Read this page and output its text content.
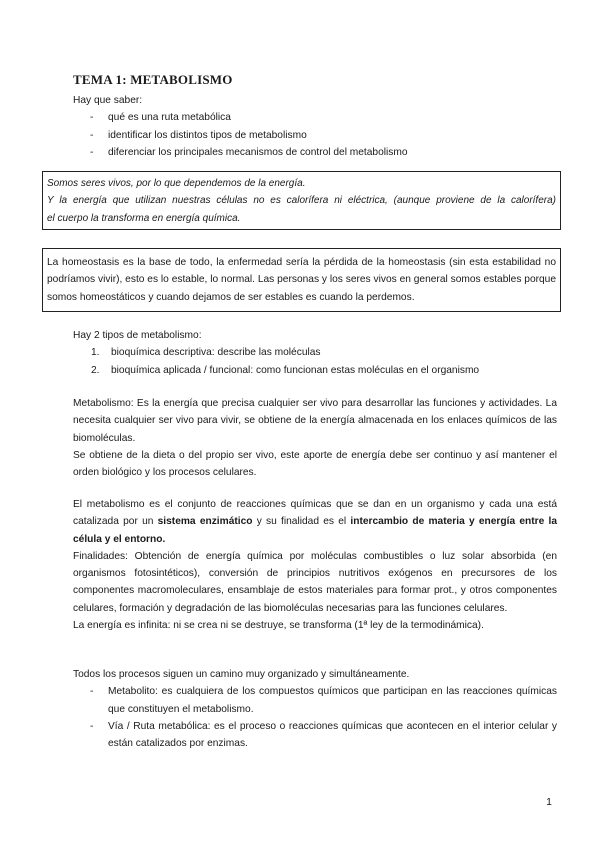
TEMA 1: METABOLISMO
Hay que saber:
- qué es una ruta metabólica
- identificar los distintos tipos de metabolismo
- diferenciar los principales mecanismos de control del metabolismo
Somos seres vivos, por lo que dependemos de la energía.
Y la energía que utilizan nuestras células no es calorífera ni eléctrica, (aunque proviene de la calorífera)
el cuerpo la transforma en energía química.
La homeostasis es la base de todo, la enfermedad sería la pérdida de la homeostasis (sin esta estabilidad no podríamos vivir), esto es lo estable, lo normal. Las personas y los seres vivos en general somos estables porque somos homeostáticos y cuando dejamos de ser estables es cuando la perdemos.
Hay 2 tipos de metabolismo:
1. bioquímica descriptiva: describe las moléculas
2. bioquímica aplicada / funcional: como funcionan estas moléculas en el organismo
Metabolismo: Es la energía que precisa cualquier ser vivo para desarrollar las funciones y actividades. La necesita cualquier ser vivo para vivir, se obtiene de la energía almacenada en los enlaces químicos de las biomoléculas.
Se obtiene de la dieta o del propio ser vivo, este aporte de energía debe ser continuo y así mantener el orden biológico y los procesos celulares.
El metabolismo es el conjunto de reacciones químicas que se dan en un organismo y cada una está catalizada por un sistema enzimático y su finalidad es el intercambio de materia y energía entre la célula y el entorno.
Finalidades: Obtención de energía química por moléculas combustibles o luz solar absorbida (en organismos fotosintéticos), conversión de principios nutritivos exógenos en precursores de los componentes macromoleculares, ensamblaje de estos materiales para formar prot., y otros componentes celulares, formación y degradación de las biomoléculas necesarias para las funciones celulares.
La energía es infinita: ni se crea ni se destruye, se transforma (1ª ley de la termodinámica).
Todos los procesos siguen un camino muy organizado y simultáneamente.
- Metabolito: es cualquiera de los compuestos químicos que participan en las reacciones químicas que constituyen el metabolismo.
- Vía / Ruta metabólica: es el proceso o reacciones químicas que acontecen en el interior celular y están catalizados por enzimas.
1
